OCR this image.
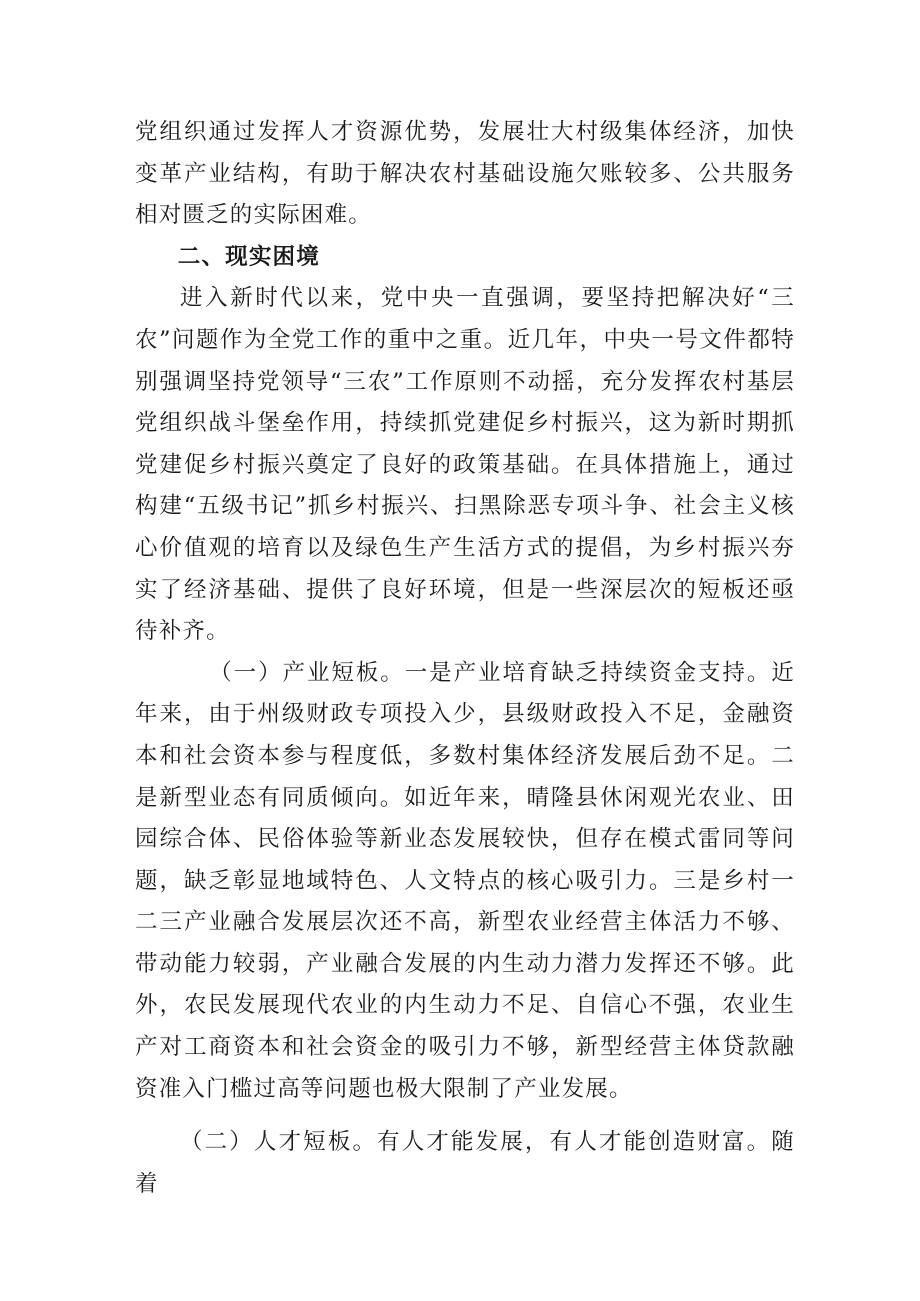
党组织通过发挥人才资源优势，发展壮大村级集体经济，加快变革产业结构，有助于解决农村基础设施欠账较多、公共服务相对匮乏的实际困难。

二、现实困境

进入新时代以来，党中央一直强调，要坚持把解决好“三农”问题作为全党工作的重中之重。近几年，中央一号文件都特别强调坚持党领导“三农”工作原则不动摇，充分发挥农村基层党组织战斗堡垒作用，持续抓党建促乡村振兴，这为新时期抓党建促乡村振兴奠定了良好的政策基础。在具体措施上，通过构建“五级书记”抓乡村振兴、扫黑除恶专项斗争、社会主义核心价值观的培育以及绿色生产生活方式的提倡，为乡村振兴夯实了经济基础、提供了良好环境，但是一些深层次的短板还亟待补齐。

（一）产业短板。一是产业培育缺乏持续资金支持。近年来，由于州级财政专项投入少，县级财政投入不足，金融资本和社会资本参与程度低，多数村集体经济发展后劲不足。二是新型业态有同质倾向。如近年来，晴隆县休闲观光农业、田园综合体、民俗体验等新业态发展较快，但存在模式雷同等问题，缺乏彰显地域特色、人文特点的核心吸引力。三是乡村一二三产业融合发展层次还不高，新型农业经营主体活力不够、带动能力较弱，产业融合发展的内生动力潜力发挥还不够。此外，农民发展现代农业的内生动力不足、自信心不强，农业生产对工商资本和社会资金的吸引力不够，新型经营主体贷款融资准入门槛过高等问题也极大限制了产业发展。

（二）人才短板。有人才能发展，有人才能创造财富。随着
